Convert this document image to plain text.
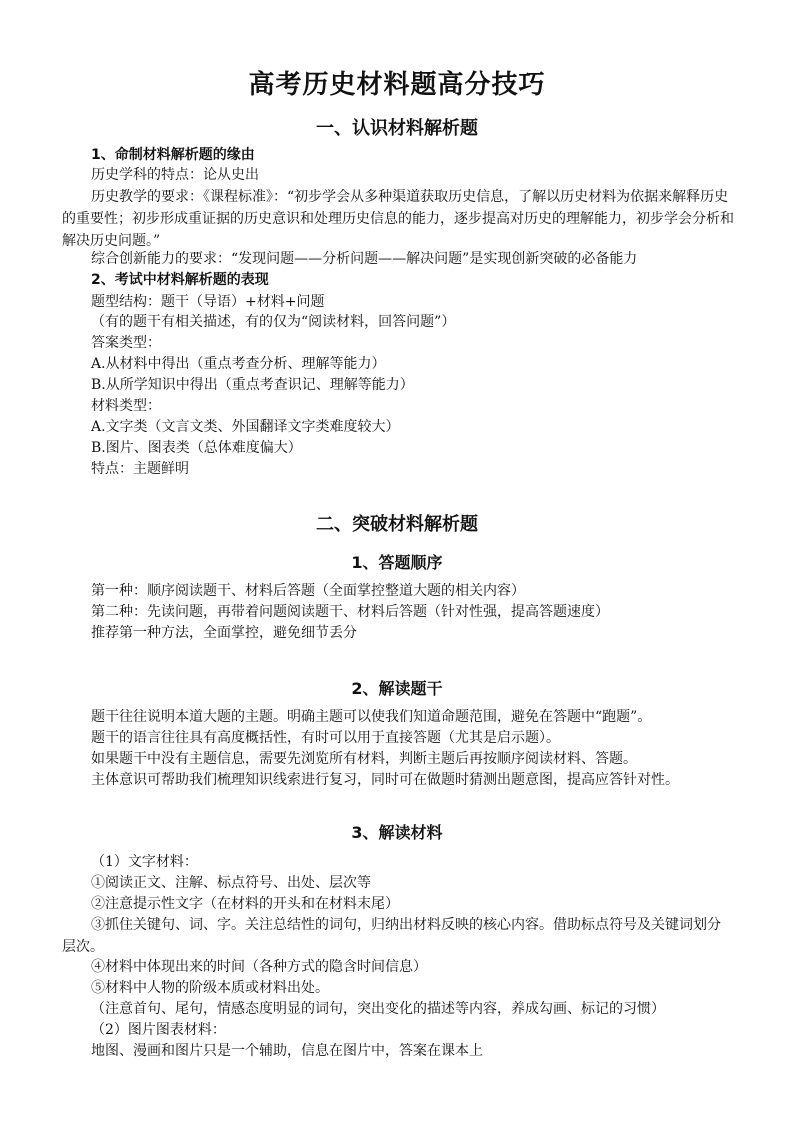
高考历史材料题高分技巧
一、认识材料解析题
1、命制材料解析题的缘由
历史学科的特点：论从史出
历史教学的要求：《课程标准》：“初步学会从多种渠道获取历史信息，了解以历史材料为依据来解释历史的重要性；初步形成重证据的历史意识和处理历史信息的能力，逐步提高对历史的理解能力，初步学会分析和解决历史问题。”
综合创新能力的要求：“发现问题——分析问题——解决问题”是实现创新突破的必备能力
2、考试中材料解析题的表现
题型结构：题干（导语）+材料+问题
（有的题干有相关描述，有的仅为“阅读材料，回答问题”）
答案类型：
A.从材料中得出（重点考查分析、理解等能力）
B.从所学知识中得出（重点考查识记、理解等能力）
材料类型：
A.文字类（文言文类、外国翻译文字类难度较大）
B.图片、图表类（总体难度偏大）
特点：主题鲜明
二、突破材料解析题
1、答题顺序
第一种：顺序阅读题干、材料后答题（全面掌控整道大题的相关内容）
第二种：先读问题，再带着问题阅读题干、材料后答题（针对性强，提高答题速度）
推荐第一种方法，全面掌控，避免细节丢分
2、解读题干
题干往往说明本道大题的主题。明确主题可以使我们知道命题范围，避免在答题中“跑题”。
题干的语言往往具有高度概括性，有时可以用于直接答题（尤其是启示题）。
如果题干中没有主题信息，需要先浏览所有材料，判断主题后再按顺序阅读材料、答题。
主体意识可帮助我们梳理知识线索进行复习，同时可在做题时猜测出题意图，提高应答针对性。
3、解读材料
（1）文字材料：
①阅读正文、注解、标点符号、出处、层次等
②注意提示性文字（在材料的开头和在材料末尾）
③抓住关键句、词、字。关注总结性的词句，归纳出材料反映的核心内容。借助标点符号及关键词划分层次。
④材料中体现出来的时间（各种方式的隐含时间信息）
⑤材料中人物的阶级本质或材料出处。
（注意首句、尾句，情感态度明显的词句，突出变化的描述等内容，养成勾画、标记的习惯）
（2）图片图表材料：
地图、漫画和图片只是一个辅助，信息在图片中，答案在课本上
